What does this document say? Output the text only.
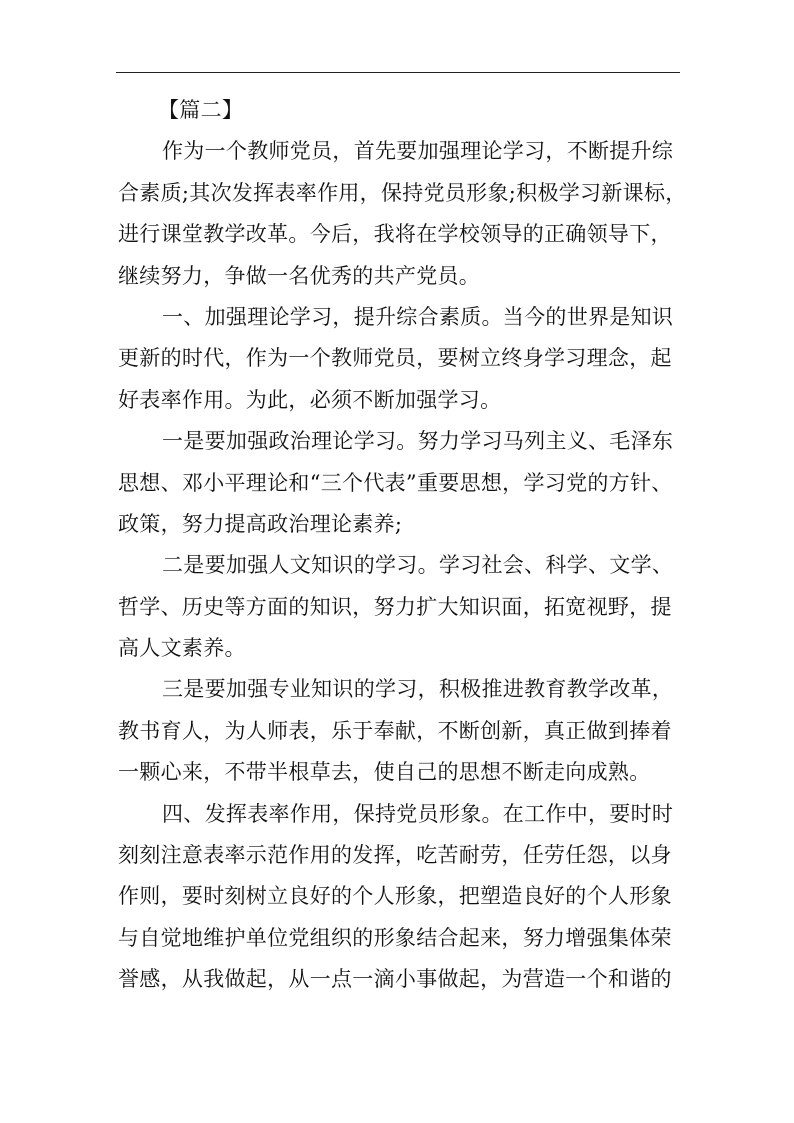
【篇二】
作为一个教师党员，首先要加强理论学习，不断提升综
合素质;其次发挥表率作用，保持党员形象;积极学习新课标，
进行课堂教学改革。今后，我将在学校领导的正确领导下，
继续努力，争做一名优秀的共产党员。
一、加强理论学习，提升综合素质。当今的世界是知识
更新的时代，作为一个教师党员，要树立终身学习理念，起
好表率作用。为此，必须不断加强学习。
一是要加强政治理论学习。努力学习马列主义、毛泽东
思想、邓小平理论和“三个代表”重要思想，学习党的方针、
政策，努力提高政治理论素养;
二是要加强人文知识的学习。学习社会、科学、文学、
哲学、历史等方面的知识，努力扩大知识面，拓宽视野，提
高人文素养。
三是要加强专业知识的学习，积极推进教育教学改革，
教书育人，为人师表，乐于奉献，不断创新，真正做到捧着
一颗心来，不带半根草去，使自己的思想不断走向成熟。
四、发挥表率作用，保持党员形象。在工作中，要时时
刻刻注意表率示范作用的发挥，吃苦耐劳，任劳任怨，以身
作则，要时刻树立良好的个人形象，把塑造良好的个人形象
与自觉地维护单位党组织的形象结合起来，努力增强集体荣
誉感，从我做起，从一点一滴小事做起，为营造一个和谐的
